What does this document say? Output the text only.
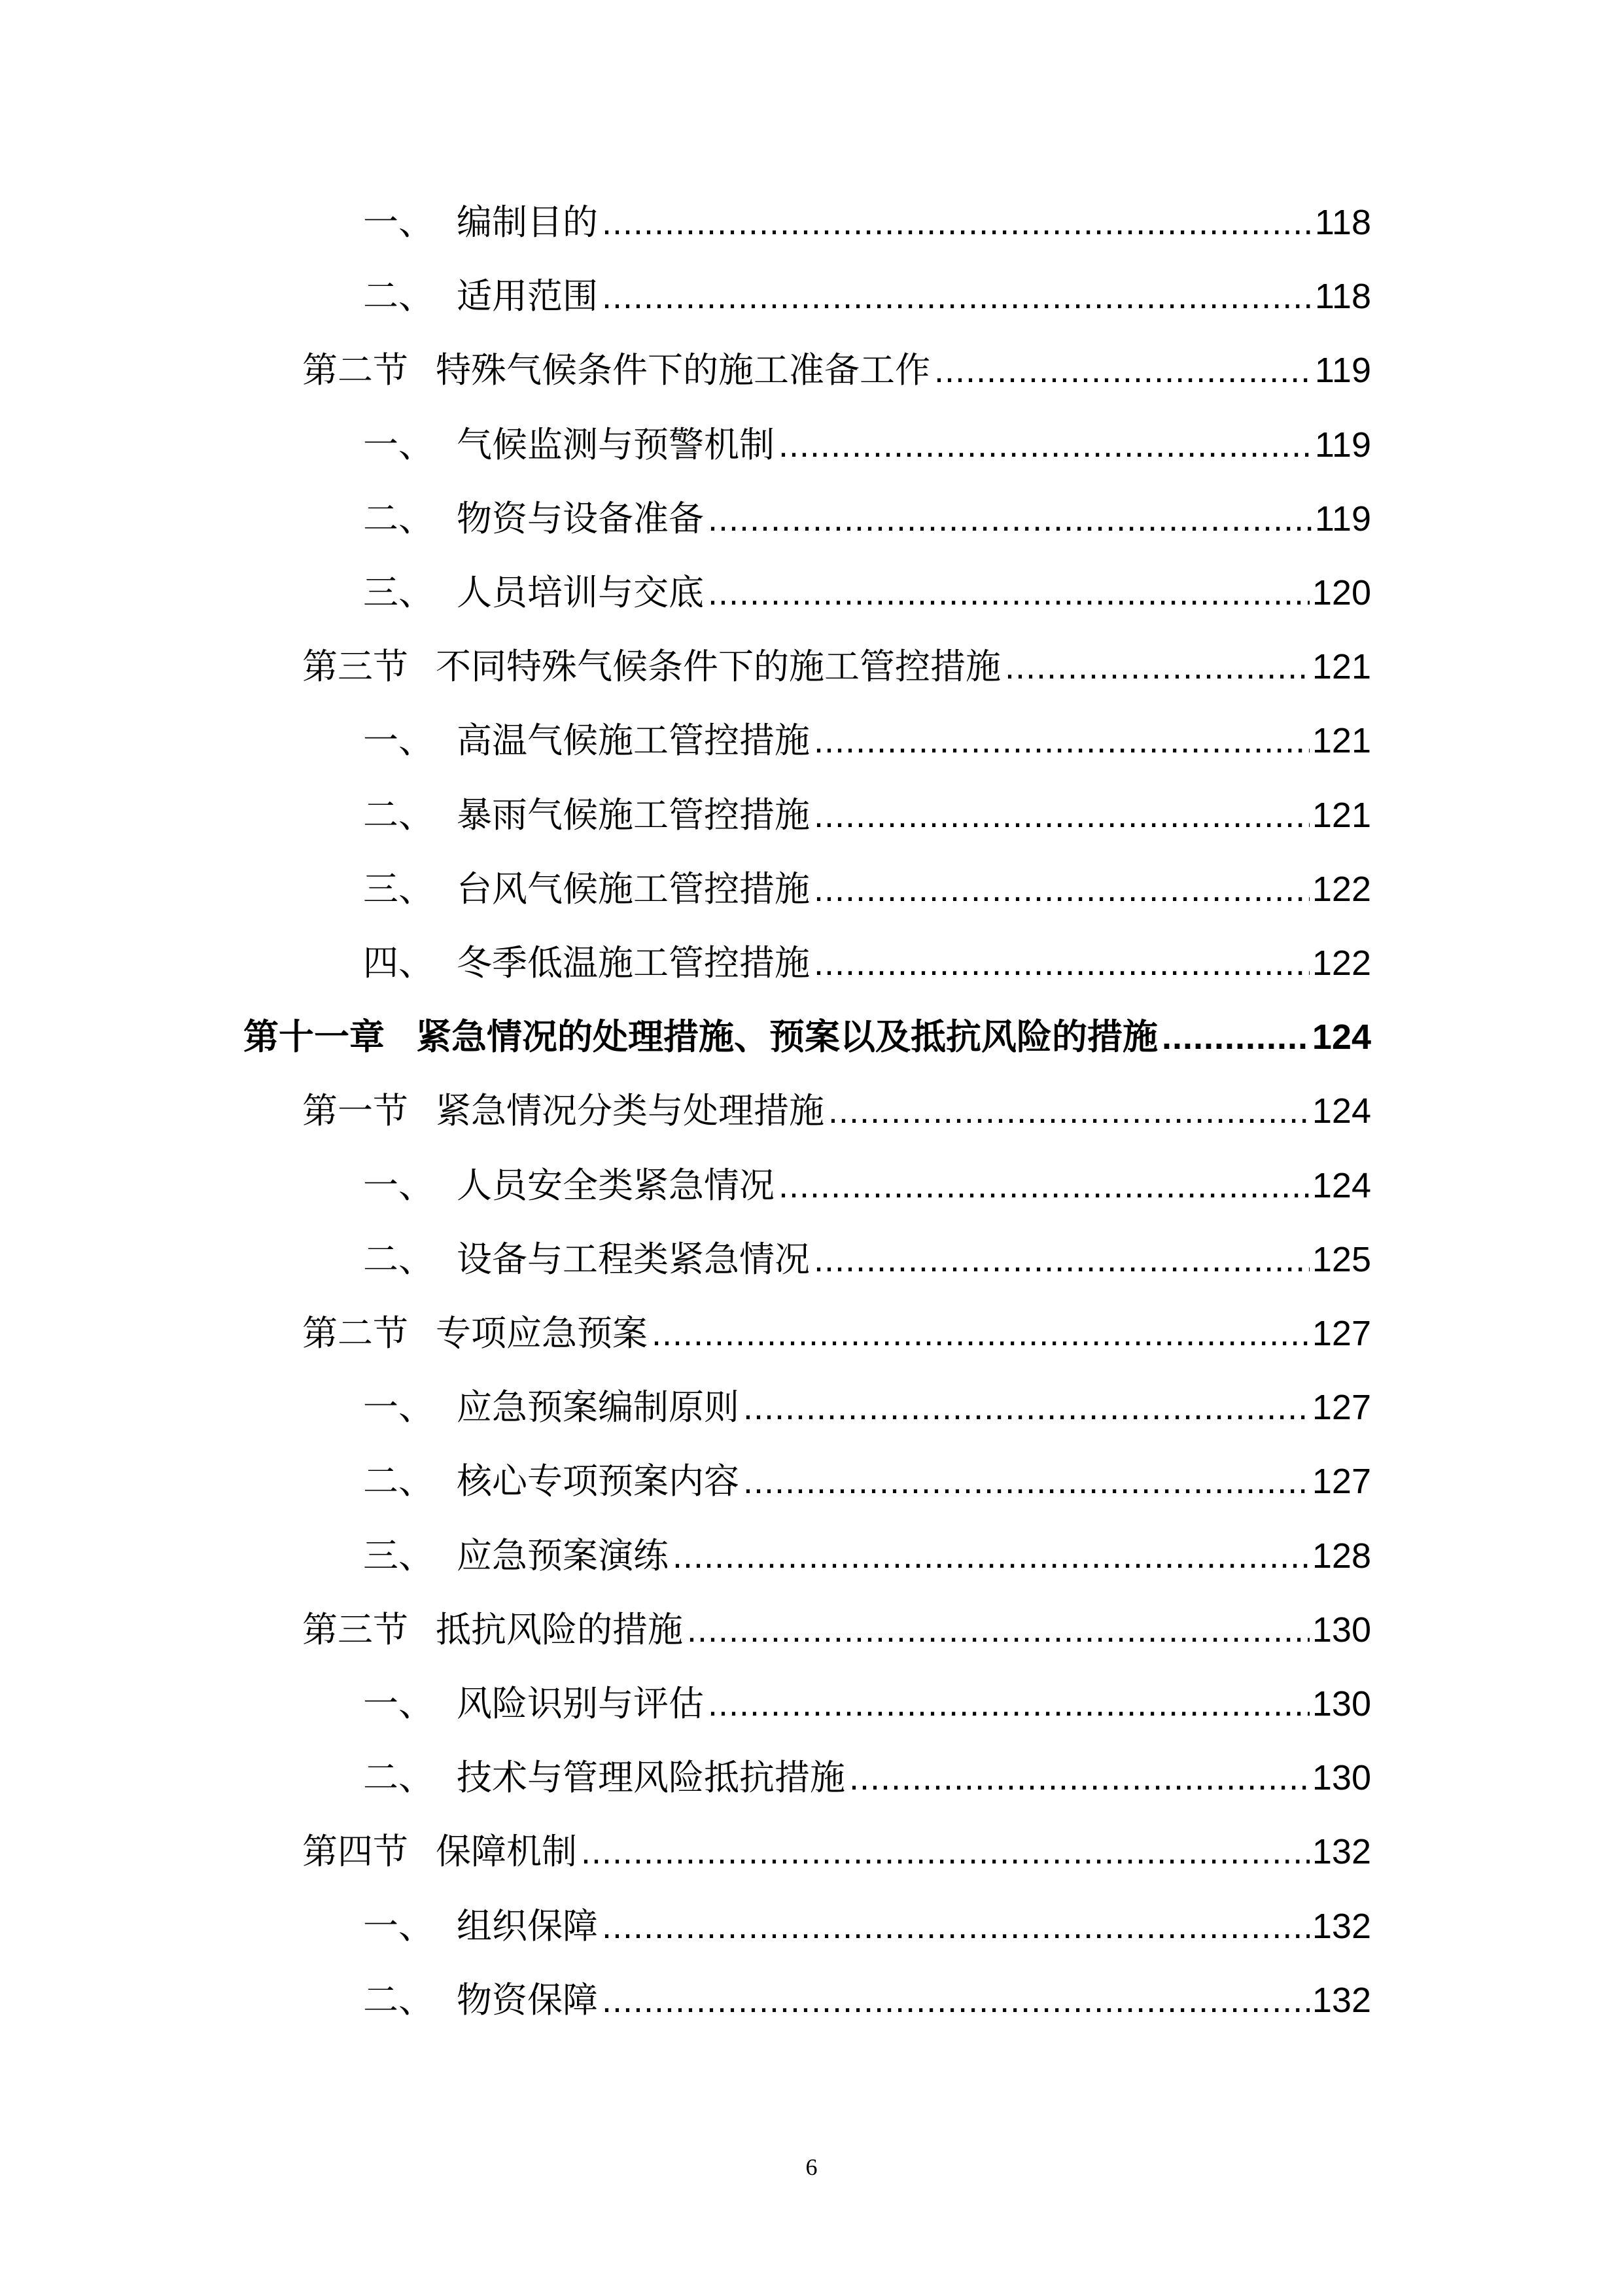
一、 编制目的 .....	118
二、 适用范围 .....	118
第二节 特殊气候条件下的施工准备工作 .....	119
一、 气候监测与预警机制 .....	119
二、 物资与设备准备 .....	119
三、 人员培训与交底 .....	120
第三节 不同特殊气候条件下的施工管控措施 .....	121
一、 高温气候施工管控措施 .....	121
二、 暴雨气候施工管控措施 .....	121
三、 台风气候施工管控措施 .....	122
四、 冬季低温施工管控措施 .....	122
第十一章 紧急情况的处理措施、预案以及抵抗风险的措施 .....	124
第一节 紧急情况分类与处理措施 .....	124
一、 人员安全类紧急情况 .....	124
二、 设备与工程类紧急情况 .....	125
第二节 专项应急预案 .....	127
一、 应急预案编制原则 .....	127
二、 核心专项预案内容 .....	127
三、 应急预案演练 .....	128
第三节 抵抗风险的措施 .....	130
一、 风险识别与评估 .....	130
二、 技术与管理风险抵抗措施 .....	130
第四节 保障机制 .....	132
一、 组织保障 .....	132
二、 物资保障 .....	132
6
